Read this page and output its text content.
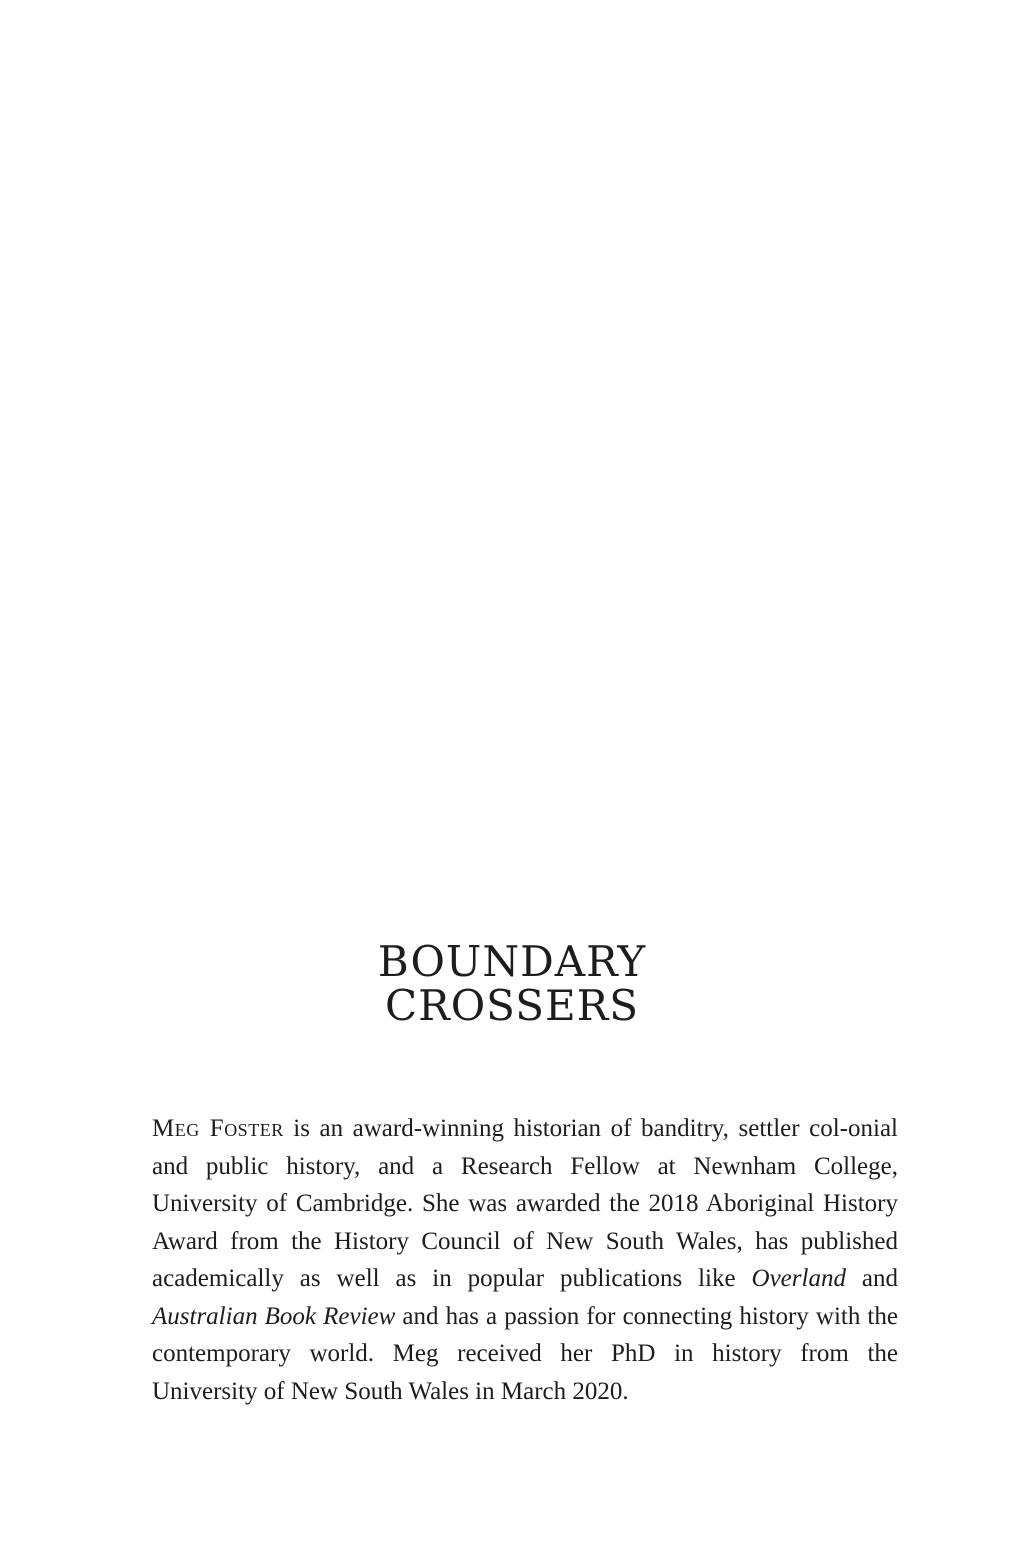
BOUNDARY
CROSSERS

Meg Foster is an award-winning historian of banditry, settler col-onial and public history, and a Research Fellow at Newnham College, University of Cambridge. She was awarded the 2018 Aboriginal History Award from the History Council of New South Wales, has published academically as well as in popular publications like Overland and Australian Book Review and has a passion for connecting history with the contemporary world. Meg received her PhD in history from the University of New South Wales in March 2020.
